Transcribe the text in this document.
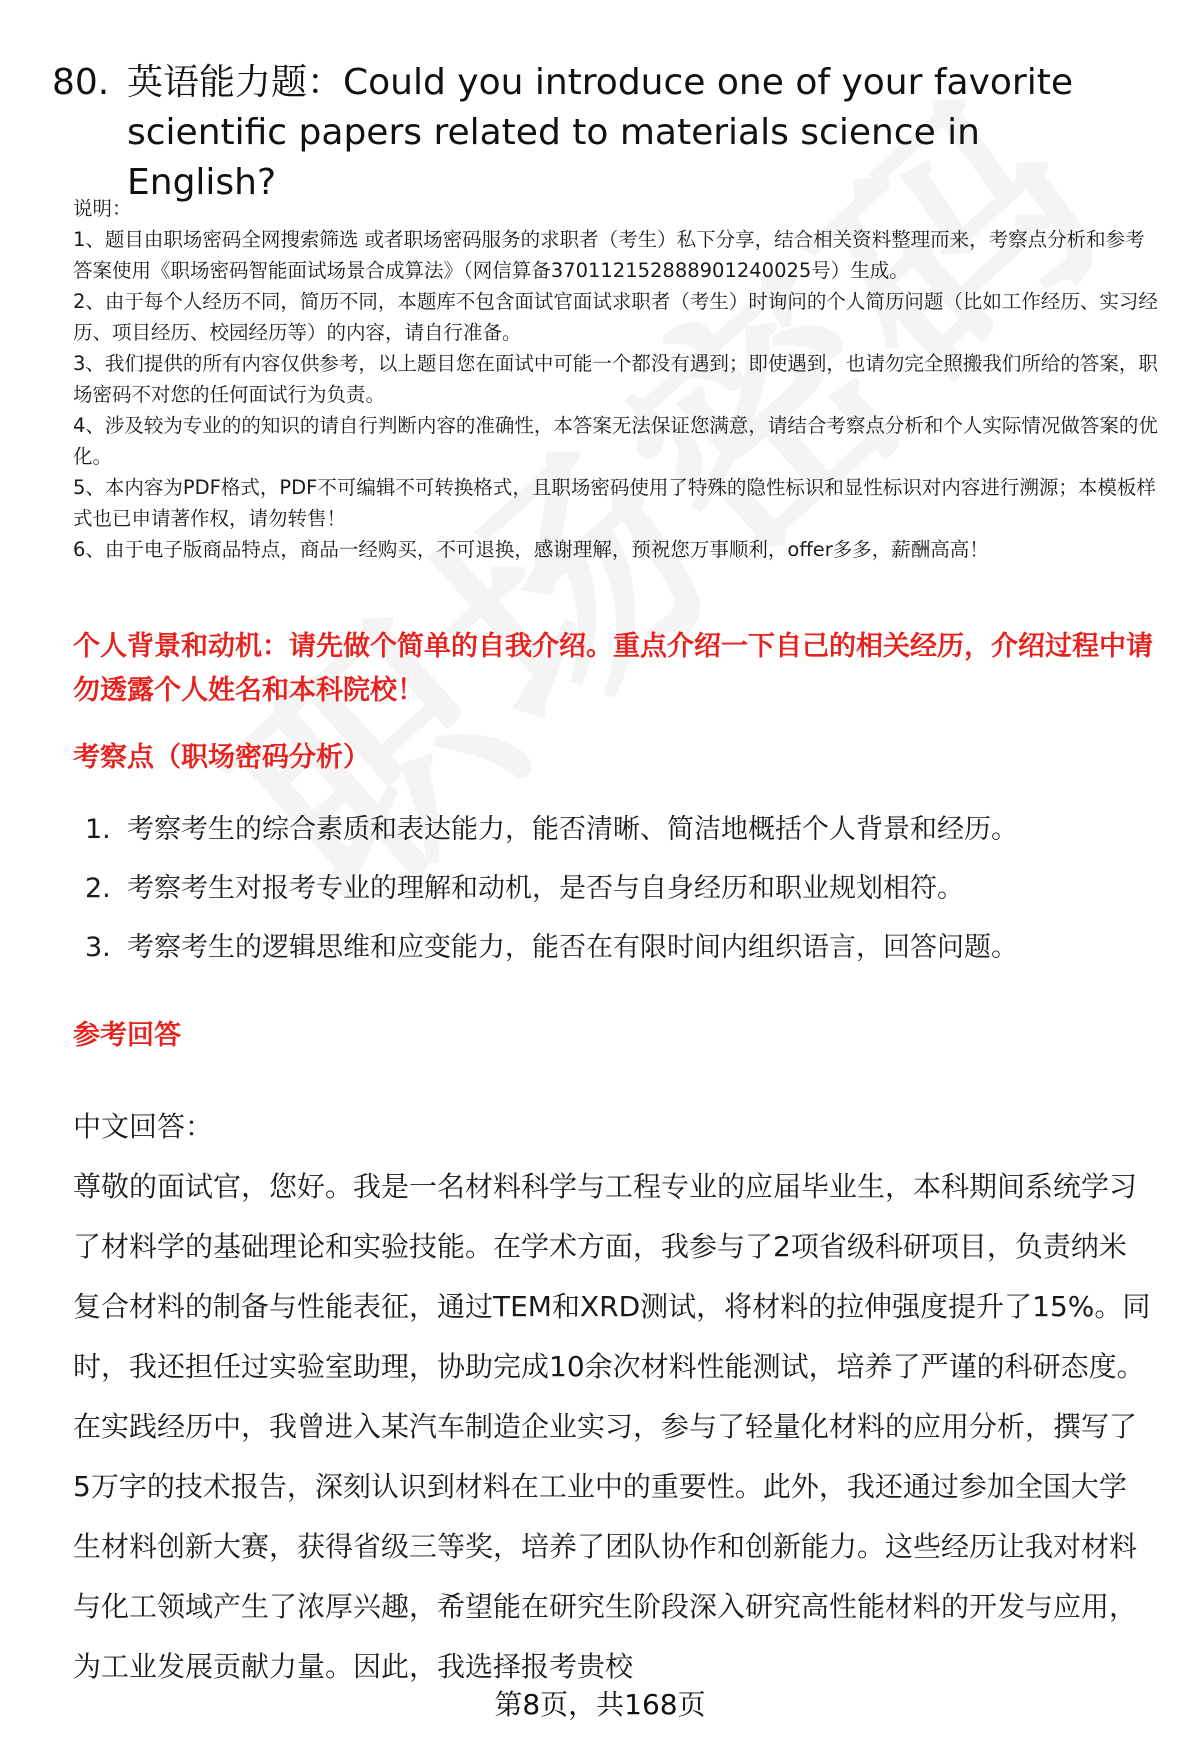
80. 英语能力题：Could you introduce one of your favorite scientific papers related to materials science in English?

说明：

1、题目由职场密码全网搜索筛选 或者职场密码服务的求职者（考生）私下分享，结合相关资料整理而来，考察点分析和参考答案使用《职场密码智能面试场景合成算法》（网信算备370112152888901240025号）生成。

2、由于每个人经历不同，简历不同，本题库不包含面试官面试求职者（考生）时询问的个人简历问题（比如工作经历、实习经历、项目经历、校园经历等）的内容，请自行准备。

3、我们提供的所有内容仅供参考，以上题目您在面试中可能一个都没有遇到；即使遇到，也请勿完全照搬我们所给的答案，职场密码不对您的任何面试行为负责。

4、涉及较为专业的的知识的请自行判断内容的准确性，本答案无法保证您满意，请结合考察点分析和个人实际情况做答案的优化。

5、本内容为PDF格式，PDF不可编辑不可转换格式，且职场密码使用了特殊的隐性标识和显性标识对内容进行溯源；本模板样式也已申请著作权，请勿转售！

6、由于电子版商品特点，商品一经购买，不可退换，感谢理解，预祝您万事顺利，offer多多，薪酬高高！

个人背景和动机：请先做个简单的自我介绍。重点介绍一下自己的相关经历，介绍过程中请勿透露个人姓名和本科院校！
考察点（职场密码分析）
1. 考察考生的综合素质和表达能力，能否清晰、简洁地概括个人背景和经历。
2. 考察考生对报考专业的理解和动机，是否与自身经历和职业规划相符。
3. 考察考生的逻辑思维和应变能力，能否在有限时间内组织语言，回答问题。
参考回答

中文回答：

尊敬的面试官，您好。我是一名材料科学与工程专业的应届毕业生，本科期间系统学习了材料学的基础理论和实验技能。在学术方面，我参与了2项省级科研项目，负责纳米复合材料的制备与性能表征，通过TEM和XRD测试，将材料的拉伸强度提升了15%。同时，我还担任过实验室助理，协助完成10余次材料性能测试，培养了严谨的科研态度。在实践经历中，我曾进入某汽车制造企业实习，参与了轻量化材料的应用分析，撰写了5万字的技术报告，深刻认识到材料在工业中的重要性。此外，我还通过参加全国大学生材料创新大赛，获得省级三等奖，培养了团队协作和创新能力。这些经历让我对材料与化工领域产生了浓厚兴趣，希望能在研究生阶段深入研究高性能材料的开发与应用，为工业发展贡献力量。因此，我选择报考贵校

第8页，共168页
